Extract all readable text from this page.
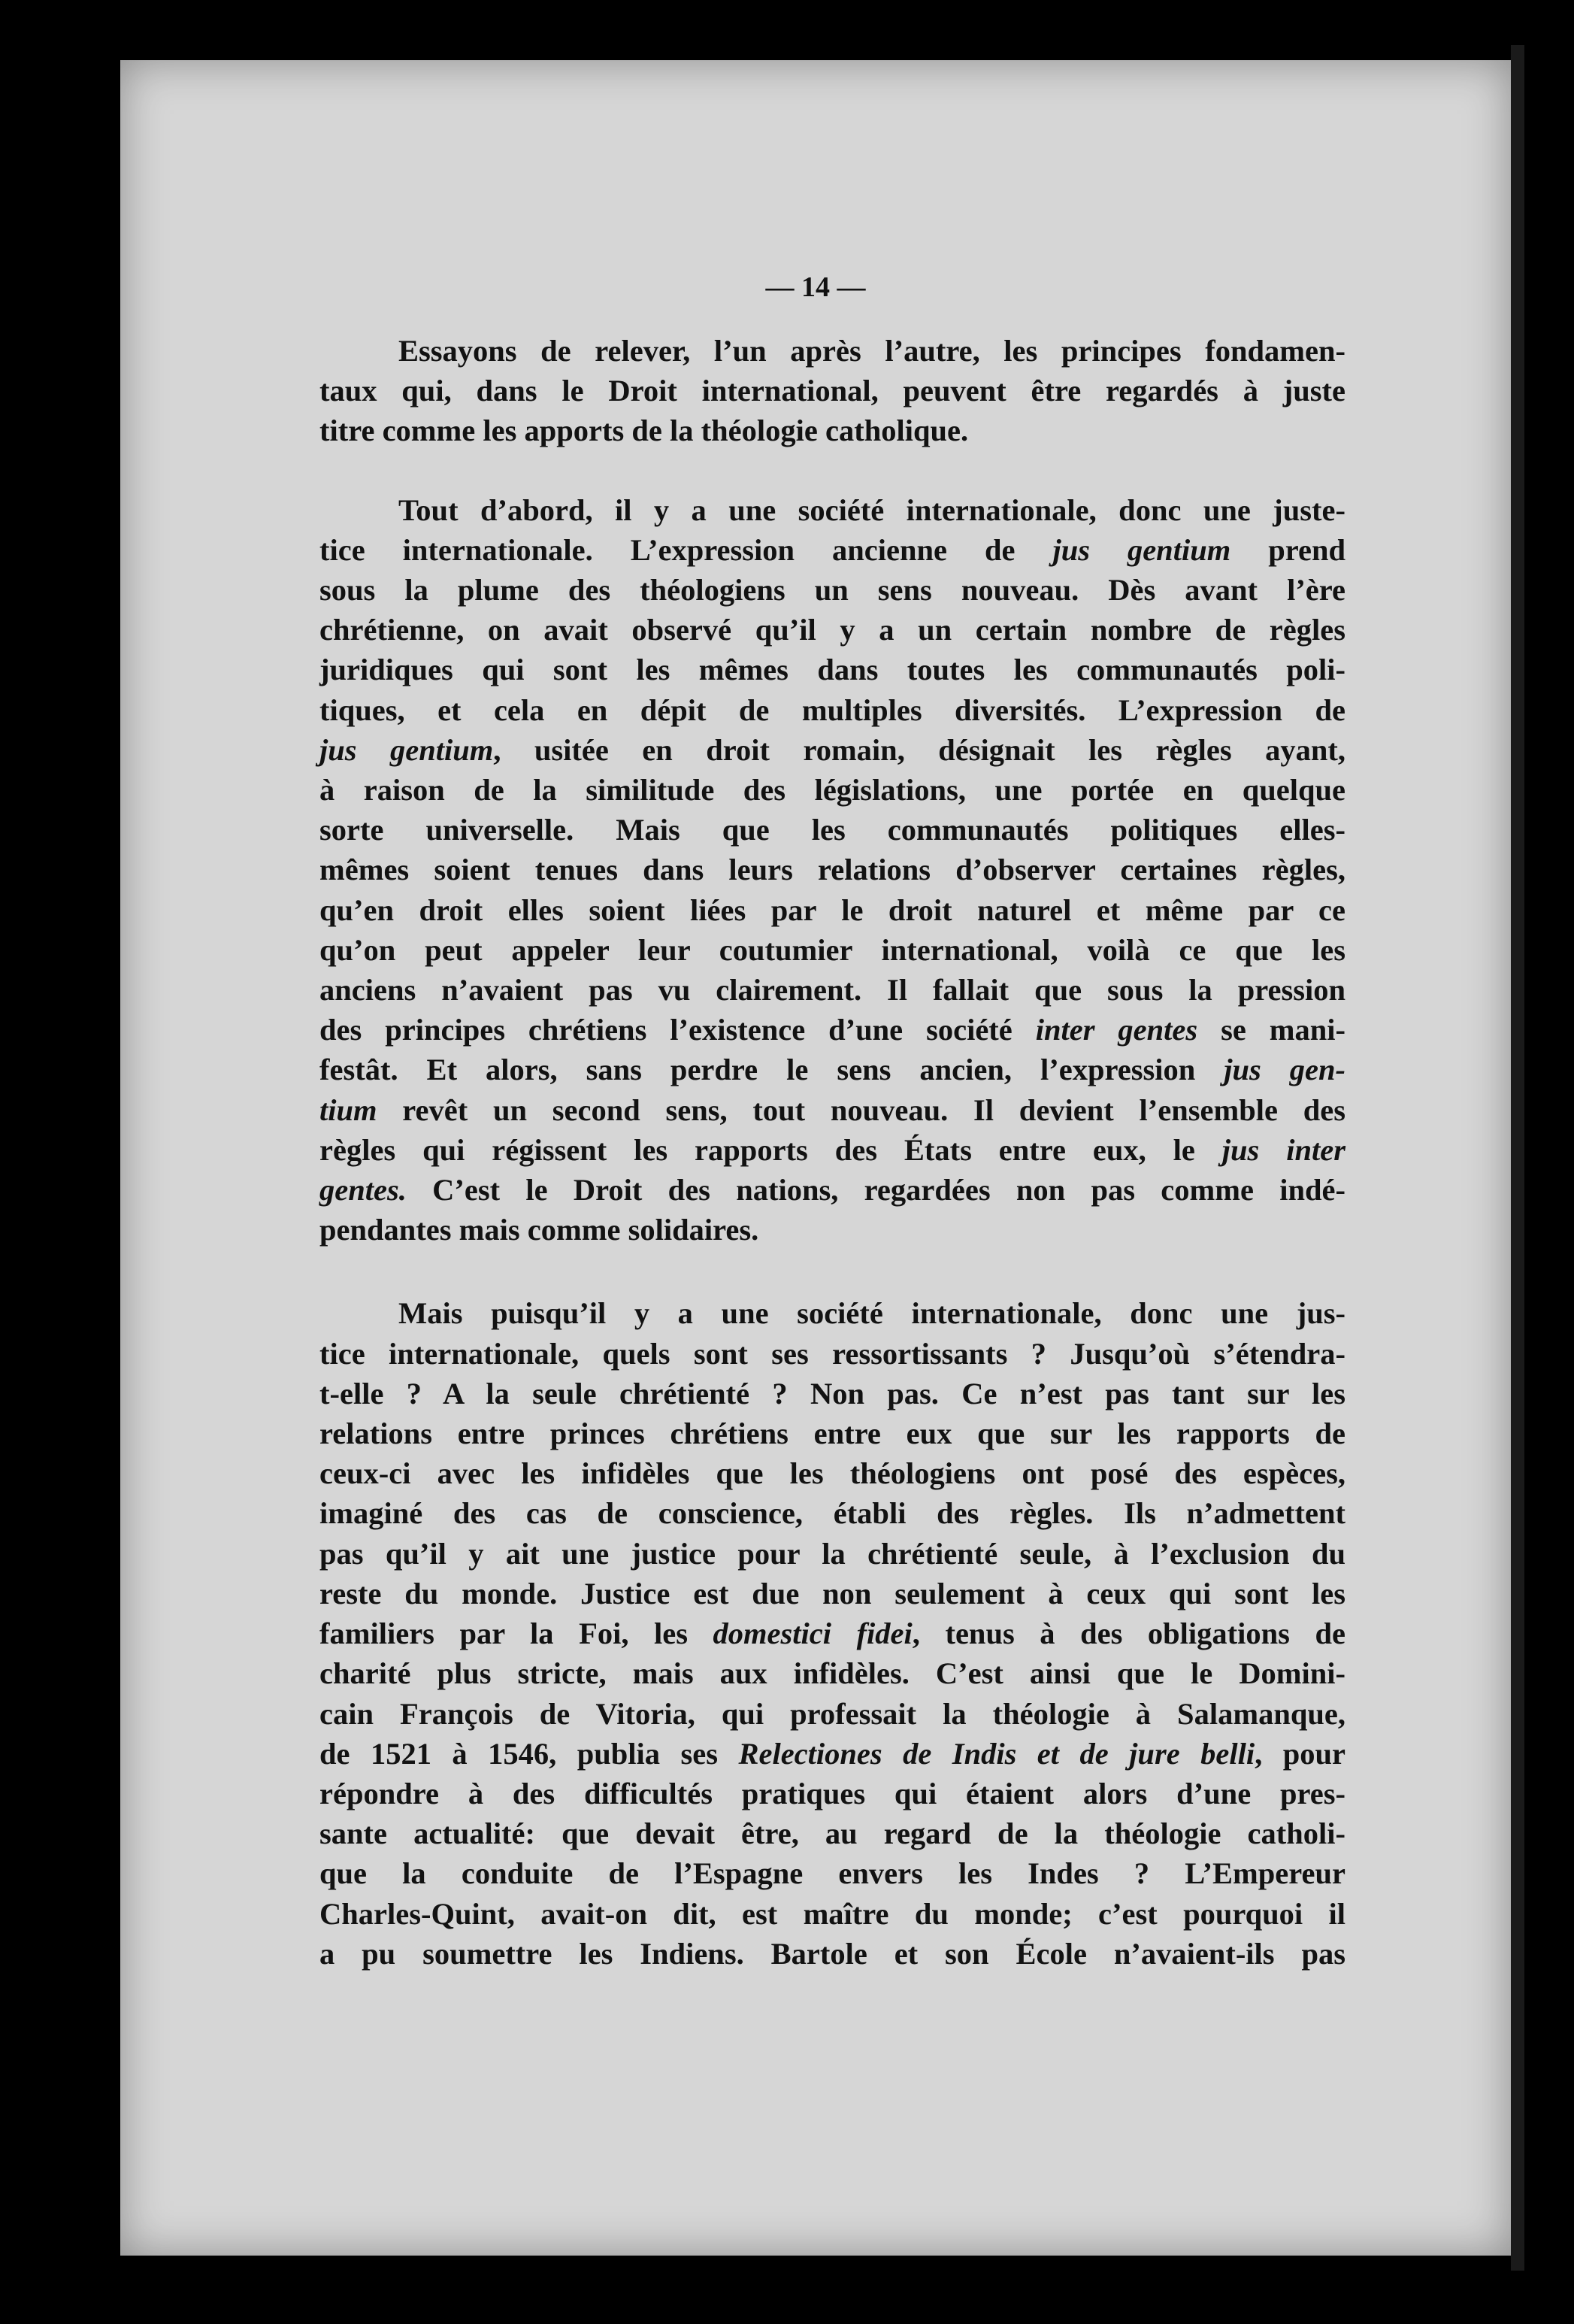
— 14 —
Essayons de relever, l’un après l’autre, les principes fondamen-
taux qui, dans le Droit international, peuvent être regardés à juste
titre comme les apports de la théologie catholique.
Tout d’abord, il y a une société internationale, donc une juste-
tice internationale. L’expression ancienne de jus gentium prend
sous la plume des théologiens un sens nouveau. Dès avant l’ère
chrétienne, on avait observé qu’il y a un certain nombre de règles
juridiques qui sont les mêmes dans toutes les communautés poli-
tiques, et cela en dépit de multiples diversités. L’expression de
jus gentium, usitée en droit romain, désignait les règles ayant,
à raison de la similitude des législations, une portée en quelque
sorte universelle. Mais que les communautés politiques elles-
mêmes soient tenues dans leurs relations d’observer certaines règles,
qu’en droit elles soient liées par le droit naturel et même par ce
qu’on peut appeler leur coutumier international, voilà ce que les
anciens n’avaient pas vu clairement. Il fallait que sous la pression
des principes chrétiens l’existence d’une société inter gentes se mani-
festât. Et alors, sans perdre le sens ancien, l’expression jus gen-
tium revêt un second sens, tout nouveau. Il devient l’ensemble des
règles qui régissent les rapports des États entre eux, le jus inter
gentes. C’est le Droit des nations, regardées non pas comme indé-
pendantes mais comme solidaires.
Mais puisqu’il y a une société internationale, donc une jus-
tice internationale, quels sont ses ressortissants ? Jusqu’où s’étendra-
t-elle ? A la seule chrétienté ? Non pas. Ce n’est pas tant sur les
relations entre princes chrétiens entre eux que sur les rapports de
ceux-ci avec les infidèles que les théologiens ont posé des espèces,
imaginé des cas de conscience, établi des règles. Ils n’admettent
pas qu’il y ait une justice pour la chrétienté seule, à l’exclusion du
reste du monde. Justice est due non seulement à ceux qui sont les
familiers par la Foi, les domestici fidei, tenus à des obligations de
charité plus stricte, mais aux infidèles. C’est ainsi que le Domini-
cain François de Vitoria, qui professait la théologie à Salamanque,
de 1521 à 1546, publia ses Relectiones de Indis et de jure belli, pour
répondre à des difficultés pratiques qui étaient alors d’une pres-
sante actualité: que devait être, au regard de la théologie catholi-
que la conduite de l’Espagne envers les Indes ? L’Empereur
Charles-Quint, avait-on dit, est maître du monde; c’est pourquoi il
a pu soumettre les Indiens. Bartole et son École n’avaient-ils pas
